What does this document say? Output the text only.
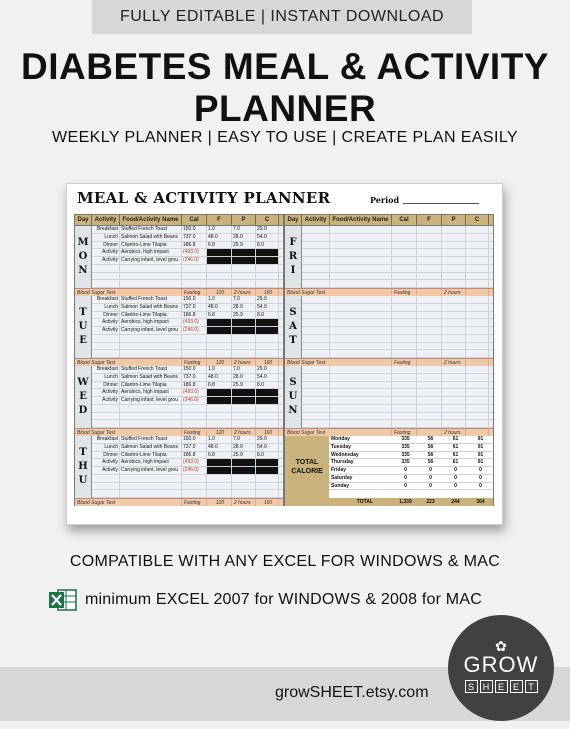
FULLY EDITABLE | INSTANT DOWNLOAD
DIABETES MEAL & ACTIVITY
PLANNER
WEEKLY PLANNER | EASY TO USE | CREATE PLAN EASILY
MEAL & ACTIVITY PLANNER	Period
Day	Activity	Food/Activity Name	Cal	F	P	C
M
O
N
Breakfast Stuffed French Toast	150.0	1.0	7.0	29.0
Lunch Salmon Salad with Beans	737.0	48.0	28.0	54.0
Dinner Cilantro-Lime Tilapia	186.8	6.8	25.9	8.0
Activity Aerobics, high impact	(493.0)
Activity Carrying infant, level grou	(246.0)
Blood Sugar Test	Fasting	120	2 hours	160
T
U
E
Breakfast Stuffed French Toast	150.0	1.0	7.0	29.0
Lunch Salmon Salad with Beans	737.0	48.0	28.0	54.0
Dinner Cilantro-Lime Tilapia	186.8	6.8	25.9	8.0
Activity Aerobics, high impact	(493.0)
Activity Carrying infant, level grou	(246.0)
Blood Sugar Test	Fasting	120	2 hours	160
W
E
D
Breakfast Stuffed French Toast	150.0	1.0	7.0	29.0
Lunch Salmon Salad with Beans	737.0	48.0	28.0	54.0
Dinner Cilantro-Lime Tilapia	186.8	6.8	25.9	8.0
Activity Aerobics, high impact	(493.0)
Activity Carrying infant, level grou	(246.0)
Blood Sugar Test	Fasting	120	2 hours	160
T
H
U
Breakfast Stuffed French Toast	150.0	1.0	7.0	29.0
Lunch Salmon Salad with Beans	737.0	48.0	28.0	54.0
Dinner Cilantro-Lime Tilapia	186.8	6.8	25.9	8.0
Activity Aerobics, high impact	(493.0)
Activity Carrying infant, level grou	(246.0)
Blood Sugar Test	Fasting	120	2 hours	160
Day	Activity	Food/Activity Name	Cal	F	P	C
F
R
I
Blood Sugar Test	Fasting	2 hours
S
A
T
Blood Sugar Test	Fasting	2 hours
S
U
N
Blood Sugar Test	Fasting	2 hours
TOTAL CALORIE
Monday	335	56	61	91
Tuesday	335	56	61	91
Wednesday	335	56	61	91
Thursday	335	56	61	91
Friday	0	0	0	0
Saturday	0	0	0	0
Sunday	0	0	0	0
TOTAL	1,339	223	244	364
COMPATIBLE WITH ANY EXCEL FOR WINDOWS & MAC
minimum EXCEL 2007 for WINDOWS & 2008 for MAC
growSHEET.etsy.com
✿
GROW
S H E E	T
